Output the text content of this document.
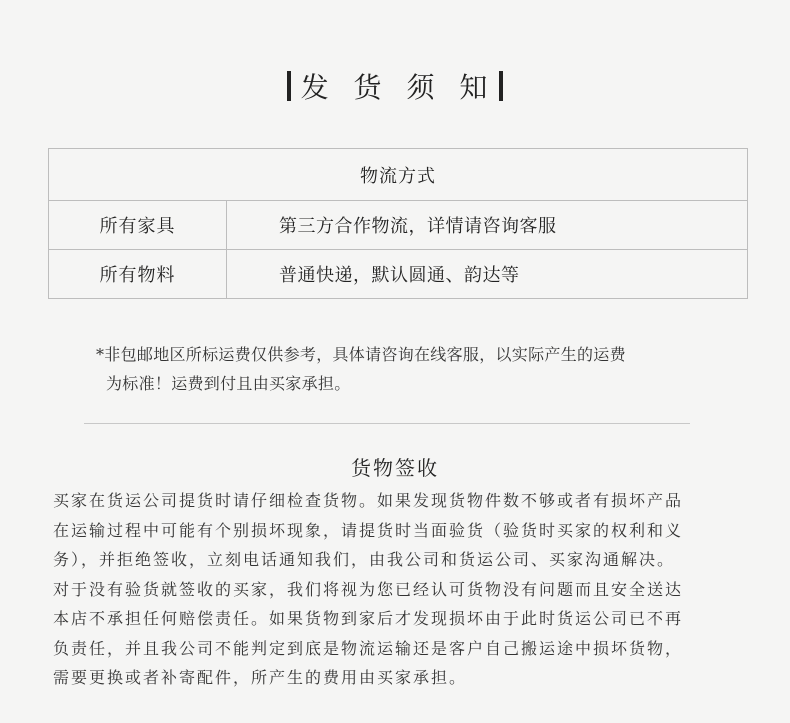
发 货 须 知
物流方式	
所有家具	第三方合作物流，详情请咨询客服
所有物料	普通快递，默认圆通、韵达等
*非包邮地区所标运费仅供参考，具体请咨询在线客服，以实际产生的运费
为标准！运费到付且由买家承担。
货物签收
买家在货运公司提货时请仔细检查货物。如果发现货物件数不够或者有损坏产品
在运输过程中可能有个别损坏现象，请提货时当面验货（验货时买家的权利和义
务），并拒绝签收，立刻电话通知我们，由我公司和货运公司、买家沟通解决。
对于没有验货就签收的买家，我们将视为您已经认可货物没有问题而且安全送达
本店不承担任何赔偿责任。如果货物到家后才发现损坏由于此时货运公司已不再
负责任，并且我公司不能判定到底是物流运输还是客户自己搬运途中损坏货物，
需要更换或者补寄配件，所产生的费用由买家承担。
